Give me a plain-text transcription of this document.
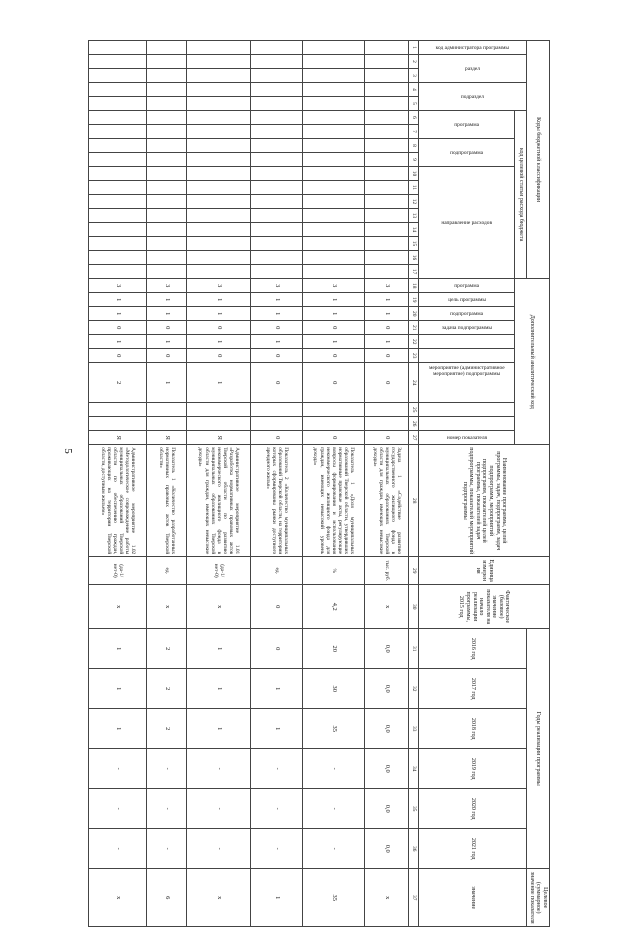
5
Коды бюджетной классификации																	Дополнительный аналитический код										Наименование программы, целей программы, задач, подпрограмм, задач подпрограмм, мероприятий подпрограмм, показателей целей программы, показателей задач подпрограммы, показателей мероприятий подпрограммы	Единица измерения	Фактическое (базовое) значение показателя на начало реализации программы, 2015 год	Годы реализации программы						Целевое (суммарное) значение показателя

код администратора программы	раздел		подраздел		код целевой статьи расхода бюджета																									2016 год	2017 год	2018 год	2019 год	2020 год	2021 год	значение

					программа		подпрограмма		направление расходов								программа	цель программы	подпрограмма	задача подпрограммы			мероприятие (административное мероприятие) подпрограммы			номер показателя										

1	2	3	4	5	6	7	8	9	10	11	12	13	14	15	16	17	18	19	20	21	22	23	24	25	26	27	28	29	30	31	32	33	34	35	36	37
																	3	1	1	0	1	0	0			0	Задача 1 «Содействие развитию государственного жилищного фонда в муниципальных образованиях Тверской области для граждан, имеющих невысокие доходы»	тыс. руб.	х	0,0	0,0	0,0	0,0	0,0	0,0	х
																	3	1	1	0	1	0	0			0	Показатель 1 «Доля муниципальных образований Тверской области, утвердивших нормативные правовые акты, регулирующие вопросы формирования и использования некоммерческого жилищного фонда для граждан, имеющих невысокий уровень дохода»	%	4,2	20	30	35	-	-	-	35
																	3	1	1	0	1	0	0			0	Показатель 2 «Количество муниципальных образований Тверской области, на территории которых сформированы рынки доступного арендного жилья»	ед.	0	0	1	1	-	-	-	1
																	3	1	1	0	1	0	1			Я	Административное мероприятие 1.01 «Разработка нормативных правовых актов Тверской области по развитию некоммерческого жилищного фонда в муниципальных образованиях Тверской области для граждан, имеющих невысокие доходы»	(да-1/ нет-0)	х	1	1	1	-	-	-	х
																	3	1	1	0	1	0	1			Я	Показатель 1 «Количество разработанных нормативных правовых актов Тверской области»	ед.	х	2	2	2	-	-	-	6
																	3	1	1	0	1	0	2			Я	Административное мероприятие 1.02 «Методологическое сопровождение работы муниципальных образований Тверской области по обеспечению граждан, проживающих на территории Тверской области, доступным жильем»	(да-1/ нет-0)	х	1	1	1	-	-	-	х
